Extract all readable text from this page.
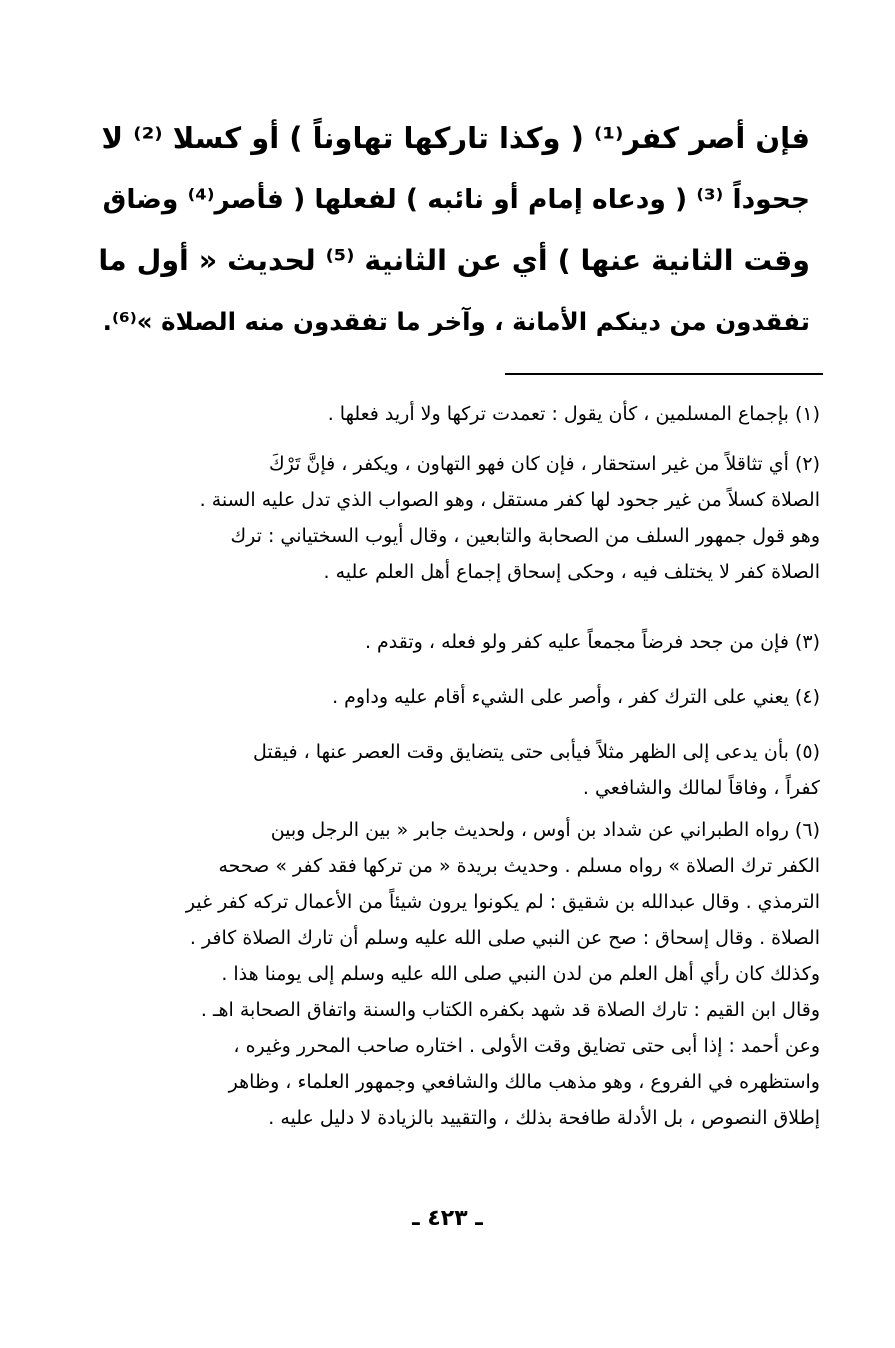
فإن أصر كفر⁽¹⁾ ( وكذا تاركها تهاوناً ) أو كسلا ⁽²⁾ لا
جحوداً ⁽³⁾ ( ودعاه إمام أو نائبه ) لفعلها ( فأصر⁽⁴⁾ وضاق
وقت الثانية عنها ) أي عن الثانية ⁽⁵⁾ لحديث « أول ما
تفقدون من دينكم الأمانة ، وآخر ما تفقدون منه الصلاة »⁽⁶⁾.
(١) بإجماع المسلمين ، كأن يقول : تعمدت تركها ولا أريد فعلها .
(٢) أي تثاقلاً من غير استحقار ، فإن كان فهو التهاون ، ويكفر ، فإنَّ تَرْكَ
الصلاة كسلاً من غير جحود لها كفر مستقل ، وهو الصواب الذي تدل عليه السنة .
وهو قول جمهور السلف من الصحابة والتابعين ، وقال أيوب السختياني : ترك
الصلاة كفر لا يختلف فيه ، وحكى إسحاق إجماع أهل العلم عليه .
(٣) فإن من جحد فرضاً مجمعاً عليه كفر ولو فعله ، وتقدم .
(٤) يعني على الترك كفر ، وأصر على الشيء أقام عليه وداوم .
(٥) بأن يدعى إلى الظهر مثلاً فيأبى حتى يتضايق وقت العصر عنها ، فيقتل
كفراً ، وفاقاً لمالك والشافعي .
(٦) رواه الطبراني عن شداد بن أوس ، ولحديث جابر « بين الرجل وبين
الكفر ترك الصلاة » رواه مسلم . وحديث بريدة « من تركها فقد كفر » صححه
الترمذي . وقال عبدالله بن شقيق : لم يكونوا يرون شيئاً من الأعمال تركه كفر غير
الصلاة . وقال إسحاق : صح عن النبي صلى الله عليه وسلم أن تارك الصلاة كافر .
وكذلك كان رأي أهل العلم من لدن النبي صلى الله عليه وسلم إلى يومنا هذا .
وقال ابن القيم : تارك الصلاة قد شهد بكفره الكتاب والسنة واتفاق الصحابة اهـ .
وعن أحمد : إذا أبى حتى تضايق وقت الأولى . اختاره صاحب المحرر وغيره ،
واستظهره في الفروع ، وهو مذهب مالك والشافعي وجمهور العلماء ، وظاهر
إطلاق النصوص ، بل الأدلة طافحة بذلك ، والتقييد بالزيادة لا دليل عليه .
ـ ٤٢٣ ـ
